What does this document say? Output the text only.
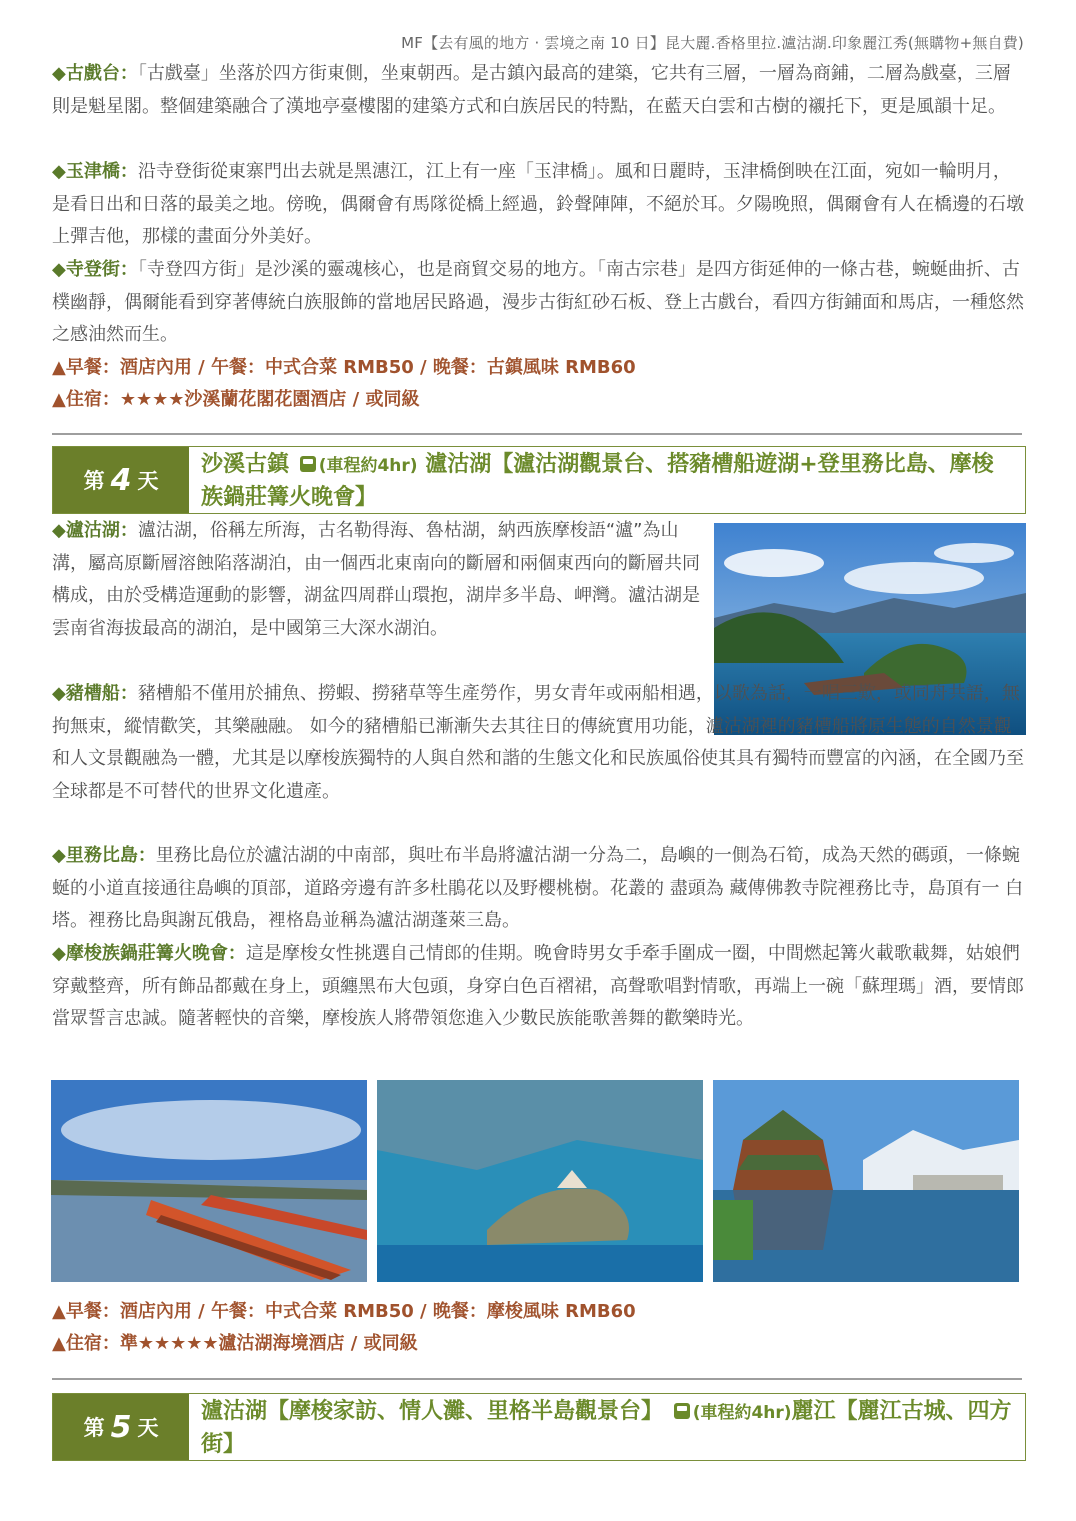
MF【去有風的地方 · 雲境之南 10 日】昆大麗.香格里拉.瀘沽湖.印象麗江秀(無購物+無自費)
◆古戲台：「古戲臺」坐落於四方街東側，坐東朝西。是古鎮內最高的建築，它共有三層，一層為商鋪，二層為戲臺，三層則是魁星閣。整個建築融合了漢地亭臺樓閣的建築方式和白族居民的特點，在藍天白雲和古樹的襯托下，更是風韻十足。
◆玉津橋：沿寺登街從東寨門出去就是黑潓江，江上有一座「玉津橋」。風和日麗時，玉津橋倒映在江面，宛如一輪明月，是看日出和日落的最美之地。傍晚，偶爾會有馬隊從橋上經過，鈴聲陣陣，不絕於耳。夕陽晚照，偶爾會有人在橋邊的石墩上彈吉他，那樣的畫面分外美好。
◆寺登街：「寺登四方街」是沙溪的靈魂核心，也是商貿交易的地方。「南古宗巷」是四方街延伸的一條古巷，蜿蜒曲折、古樸幽靜，偶爾能看到穿著傳統白族服飾的當地居民路過，漫步古街紅砂石板、登上古戲台，看四方街鋪面和馬店，一種悠然之感油然而生。
▲早餐：酒店內用 / 午餐：中式合菜 RMB50 / 晚餐：古鎮風味 RMB60
▲住宿：★★★★沙溪蘭花閣花園酒店 / 或同級
第 4 天
沙溪古鎮 (車程約4hr) 瀘沽湖【瀘沽湖觀景台、搭豬槽船遊湖+登里務比島、摩梭族鍋莊篝火晚會】
◆瀘沽湖：瀘沽湖，俗稱左所海，古名勒得海、魯枯湖，納西族摩梭語“瀘”為山溝，屬高原斷層溶蝕陷落湖泊，由一個西北東南向的斷層和兩個東西向的斷層共同構成，由於受構造運動的影響，湖盆四周群山環抱，湖岸多半島、岬灣。瀘沽湖是雲南省海拔最高的湖泊，是中國第三大深水湖泊。
◆豬槽船：豬槽船不僅用於捕魚、撈蝦、撈豬草等生產勞作，男女青年或兩船相遇，以歌為話，一唱三歎，或同舟共語，無拘無束，縱情歡笑，其樂融融。 如今的豬槽船已漸漸失去其往日的傳統實用功能，瀘沽湖裡的豬槽船將原生態的自然景觀和人文景觀融為一體，尤其是以摩梭族獨特的人與自然和諧的生態文化和民族風俗使其具有獨特而豐富的內涵，在全國乃至全球都是不可替代的世界文化遺產。
◆里務比島：里務比島位於瀘沽湖的中南部，與吐布半島將瀘沽湖一分為二，島嶼的一側為石筍，成為天然的碼頭，一條蜿蜒的小道直接通往島嶼的頂部，道路旁邊有許多杜鵑花以及野櫻桃樹。花叢的 盡頭為 藏傳佛教寺院裡務比寺，島頂有一 白塔。裡務比島與謝瓦俄島，裡格島並稱為瀘沽湖蓬萊三島。
◆摩梭族鍋莊篝火晚會：這是摩梭女性挑選自己情郎的佳期。晚會時男女手牽手圍成一圈，中間燃起篝火載歌載舞，姑娘們穿戴整齊，所有飾品都戴在身上，頭纏黑布大包頭，身穿白色百褶裙，高聲歌唱對情歌，再端上一碗「蘇理瑪」酒，要情郎當眾誓言忠誠。隨著輕快的音樂，摩梭族人將帶領您進入少數民族能歌善舞的歡樂時光。
▲早餐：酒店內用 / 午餐：中式合菜 RMB50 / 晚餐：摩梭風味 RMB60
▲住宿：準★★★★★瀘沽湖海境酒店 / 或同級
第 5 天
瀘沽湖【摩梭家訪、情人灘、里格半島觀景台】 (車程約4hr)麗江【麗江古城、四方街】
